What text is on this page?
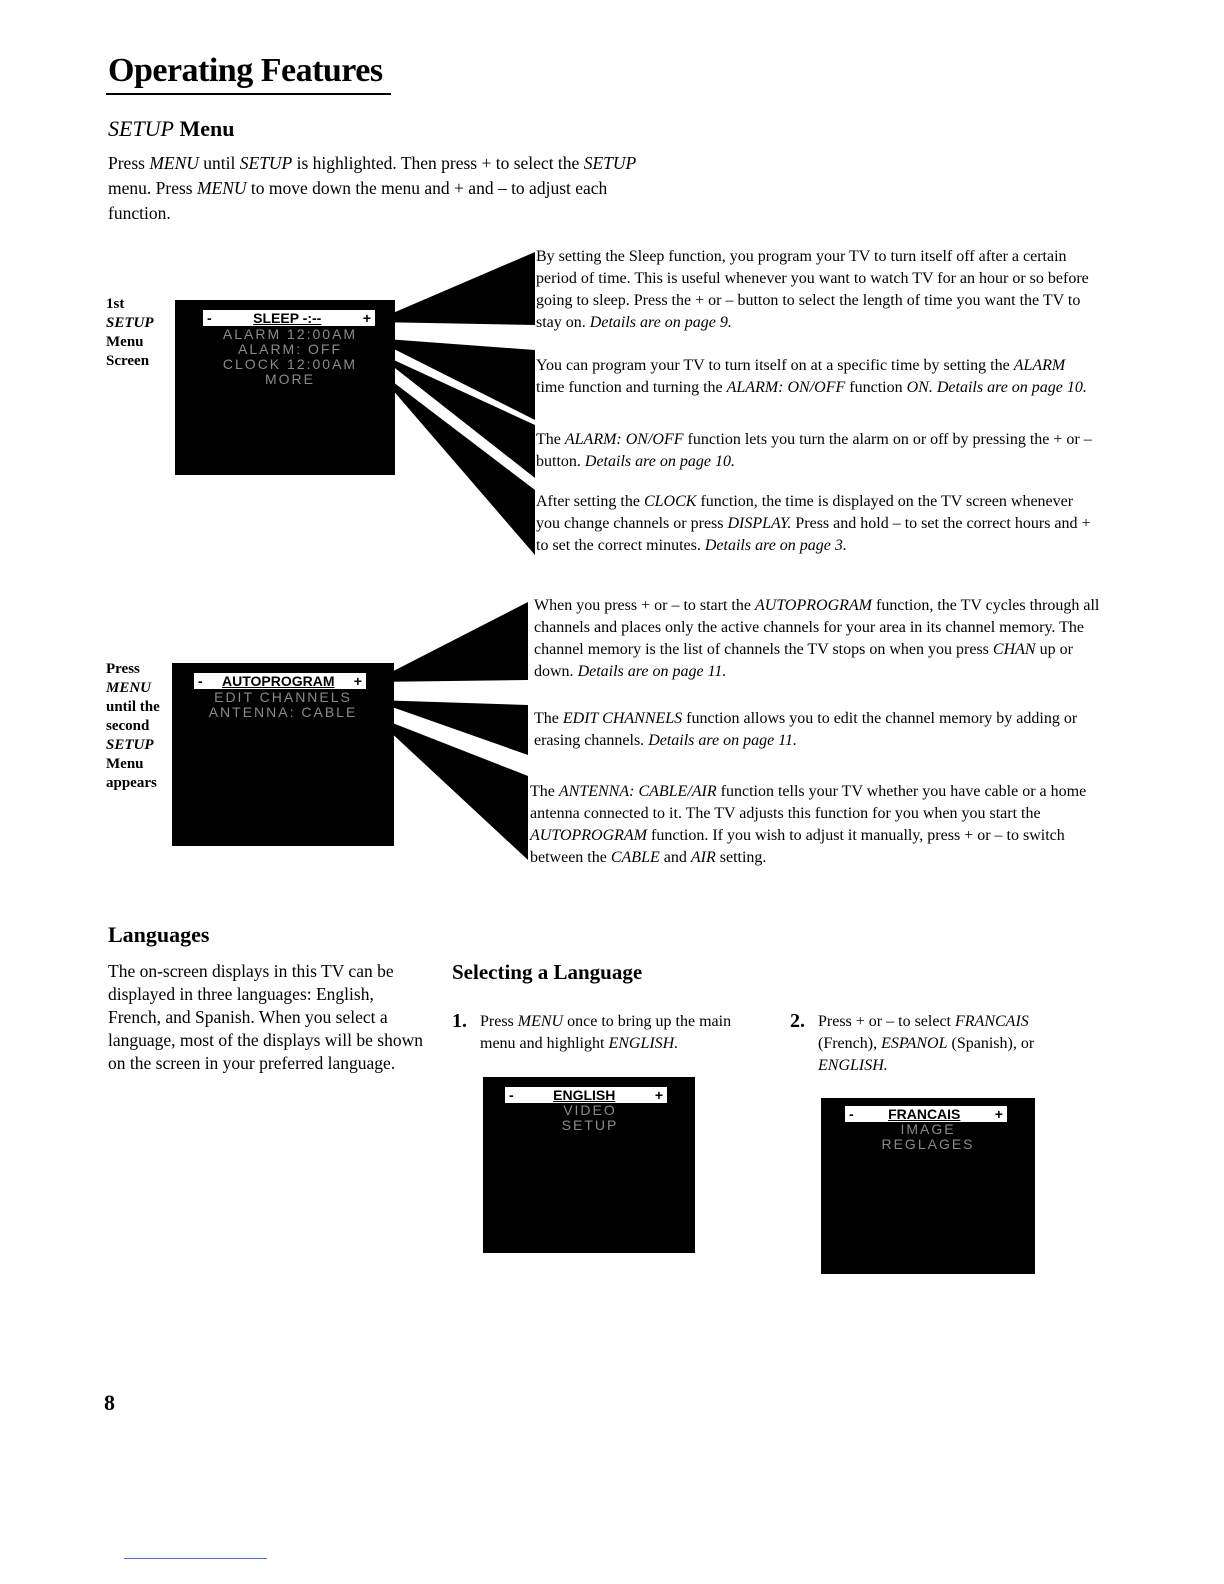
Operating Features
SETUP Menu
Press MENU until SETUP is highlighted. Then press + to select the SETUP menu. Press MENU to move down the menu and + and – to adjust each function.
1st
SETUP
Menu
Screen
-	SLEEP -:--	+
ALARM 12:00AM
ALARM: OFF
CLOCK 12:00AM
MORE
By setting the Sleep function, you program your TV to turn itself off after a certain period of time. This is useful whenever you want to watch TV for an hour or so before going to sleep. Press the + or – button to select the length of time you want the TV to stay on. Details are on page 9.
You can program your TV to turn itself on at a specific time by setting the ALARM time function and turning the ALARM: ON/OFF function ON. Details are on page 10.
The ALARM: ON/OFF function lets you turn the alarm on or off by pressing the + or – button. Details are on page 10.
After setting the CLOCK function, the time is displayed on the TV screen whenever you change channels or press DISPLAY. Press and hold – to set the correct hours and + to set the correct minutes. Details are on page 3.
Press
MENU
until the
second
SETUP
Menu
appears
- AUTOPROGRAM +
EDIT CHANNELS
ANTENNA: CABLE
When you press + or – to start the AUTOPROGRAM function, the TV cycles through all channels and places only the active channels for your area in its channel memory. The channel memory is the list of channels the TV stops on when you press CHAN up or down. Details are on page 11.
The EDIT CHANNELS function allows you to edit the channel memory by adding or erasing channels. Details are on page 11.
The ANTENNA: CABLE/AIR function tells your TV whether you have cable or a home antenna connected to it. The TV adjusts this function for you when you start the AUTOPROGRAM function. If you wish to adjust it manually, press + or – to switch between the CABLE and AIR setting.
Languages
The on-screen displays in this TV can be displayed in three languages: English, French, and Spanish. When you select a language, most of the displays will be shown on the screen in your preferred language.
Selecting a Language
1. Press MENU once to bring up the main menu and highlight ENGLISH.
-	ENGLISH	+
VIDEO
SETUP
2. Press + or – to select FRANCAIS (French), ESPANOL (Spanish), or ENGLISH.
- FRANCAIS +
IMAGE
REGLAGES
8
